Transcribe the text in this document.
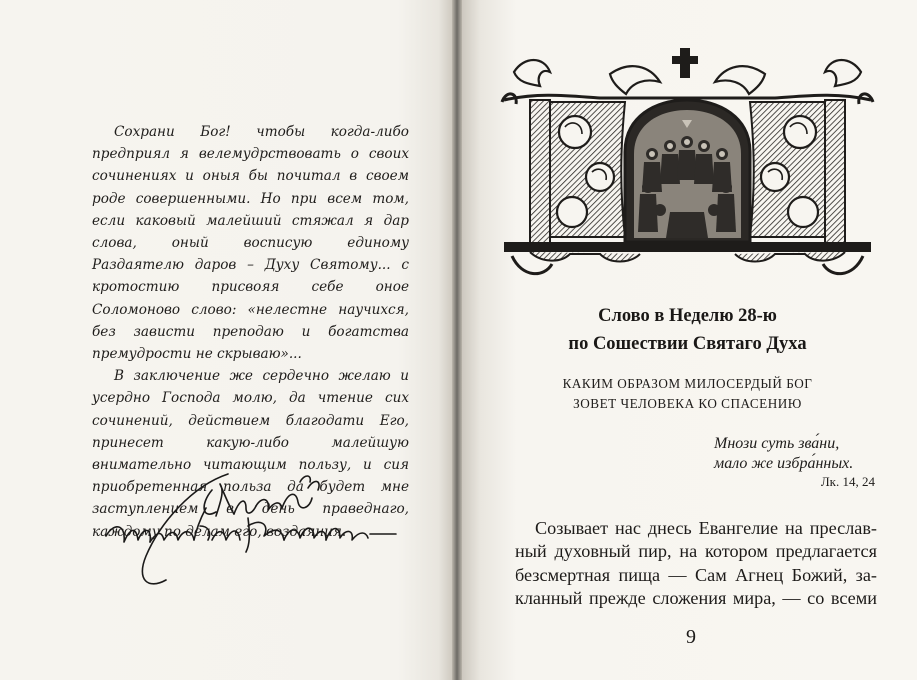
Сохрани Бог! чтобы когда-либо предприял я велемудрствовать о своих сочинениях и оныя бы почитал в своем роде совершенными. Но при всем том, если каковый малейший стяжал я дар слова, оный восписую единому Раздаятелю даров – Духу Святому... с кротостию присвояя себе оное Соломоново слово: «нелестне научихся, без зависти преподаю и богатства премудрости не скрываю»...

В заключение же сердечно желаю и усердно Господа молю, да чтение сих сочинений, действием благодати Его, принесет какую-либо малейшую внимательно читающим пользу, и сия приобретенная польза да будет мне заступлением в день праведнаго, каждому по делам его, воздаяния.

Слово в Неделю 28-ю
по Сошествии Святаго Духа
КАКИМ ОБРАЗОМ МИЛОСЕРДЫЙ БОГ
ЗОВЕТ ЧЕЛОВЕКА КО СПАСЕНИЮ
Мнози суть зва́ни,
мало же избра́нных.
Лк. 14, 24
Созывает нас днесь Евангелие на преслав-
ный духовный пир, на котором предлагается
безсмертная пища — Сам Агнец Божий, за-
кланный прежде сложения мира, — со всеми
9
